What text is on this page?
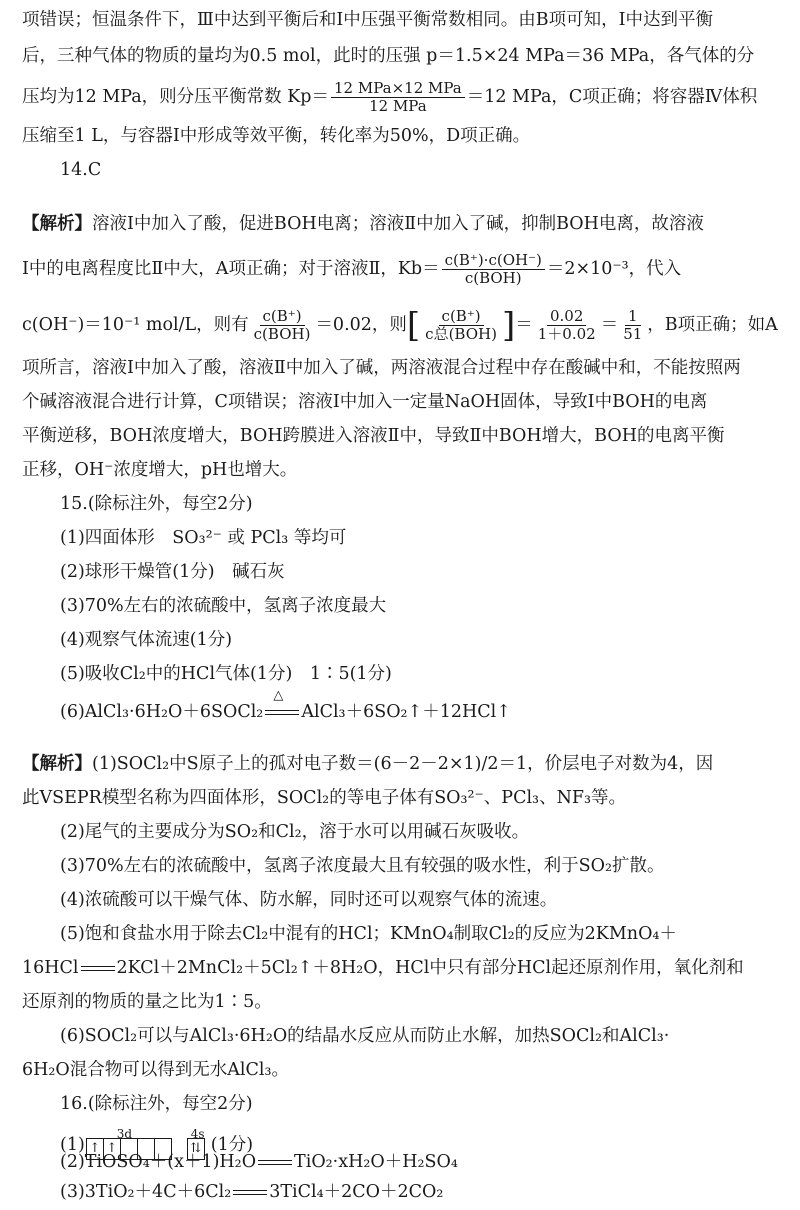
项错误；恒温条件下，Ⅲ中达到平衡后和Ⅰ中压强平衡常数相同。由B项可知，Ⅰ中达到平衡
后，三种气体的物质的量均为0.5 mol，此时的压强 p＝1.5×24 MPa＝36 MPa，各气体的分
压均为12 MPa，则分压平衡常数 $Kp= \frac{\text{12 MPa×12 MPa}}{\text{12 MPa}} =12$ MPa，C项正确；将容器Ⅳ体积
压缩至1 L，与容器Ⅰ中形成等效平衡，转化率为50%，D项正确。
14.C
【解析】溶液Ⅰ中加入了酸，促进BOH电离；溶液Ⅱ中加入了碱，抑制BOH电离，故溶液
Ⅰ中的电离程度比Ⅱ中大，A项正确；对于溶液Ⅱ，$Kb= \frac{c(B^+)\cdot c(OH^-)}{\text{c(BOH)}} =2\times 10^{-3}$，代入
c(OH⁻)＝10⁻¹ mol/L，则有 $\frac{c(B^+)}{\text{c(BOH)}} =0.02$，则[ $\frac{c(B^+)}{\text{c总(BOH)}}$ ]＝ $\frac{0.02}{1+0.02} = \frac{1}{51}$ ，B项正确；如A
项所言，溶液Ⅰ中加入了酸，溶液Ⅱ中加入了碱，两溶液混合过程中存在酸碱中和，不能按照两
个碱溶液混合进行计算，C项错误；溶液Ⅰ中加入一定量NaOH固体，导致Ⅰ中BOH的电离
平衡逆移，BOH浓度增大，BOH跨膜进入溶液Ⅱ中，导致Ⅱ中BOH增大，BOH的电离平衡
正移，OH⁻浓度增大，pH也增大。
15.(除标注外，每空2分)
(1)四面体形　SO₃²⁻ 或 PCl₃ 等均可
(2)球形干燥管(1分)　碱石灰
(3)70%左右的浓硫酸中，氢离子浓度最大
(4)观察气体流速(1分)
(5)吸收Cl₂中的HCl气体(1分)　1∶5(1分)
(6)AlCl₃·6H₂O＋6SOCl₂
△
AlCl₃＋6SO₂↑＋12HCl↑
【解析】(1)SOCl₂中S原子上的孤对电子数＝(6－2－2×1)/2＝1，价层电子对数为4，因
此VSEPR模型名称为四面体形，SOCl₂的等电子体有SO₃²⁻、PCl₃、NF₃等。
(2)尾气的主要成分为SO₂和Cl₂，溶于水可以用碱石灰吸收。
(3)70%左右的浓硫酸中，氢离子浓度最大且有较强的吸水性，利于SO₂扩散。
(4)浓硫酸可以干燥气体、防水解，同时还可以观察气体的流速。
(5)饱和食盐水用于除去Cl₂中混有的HCl；KMnO₄制取Cl₂的反应为2KMnO₄＋
16HCl 2KCl＋2MnCl₂＋5Cl₂↑＋8H₂O，HCl中只有部分HCl起还原剂作用，氧化剂和
还原剂的物质的量之比为1∶5。
(6)SOCl₂可以与AlCl₃·6H₂O的结晶水反应从而防止水解，加热SOCl₂和AlCl₃·
6H₂O混合物可以得到无水AlCl₃。
16.(除标注外，每空2分)
(1)
3d	4s
↑ ↑	⇅ (1分)
(2)TiOSO₄＋(x＋1)H₂O TiO₂·xH₂O＋H₂SO₄
(3)3TiO₂＋4C＋6Cl₂ 3TiCl₄＋2CO＋2CO₂
